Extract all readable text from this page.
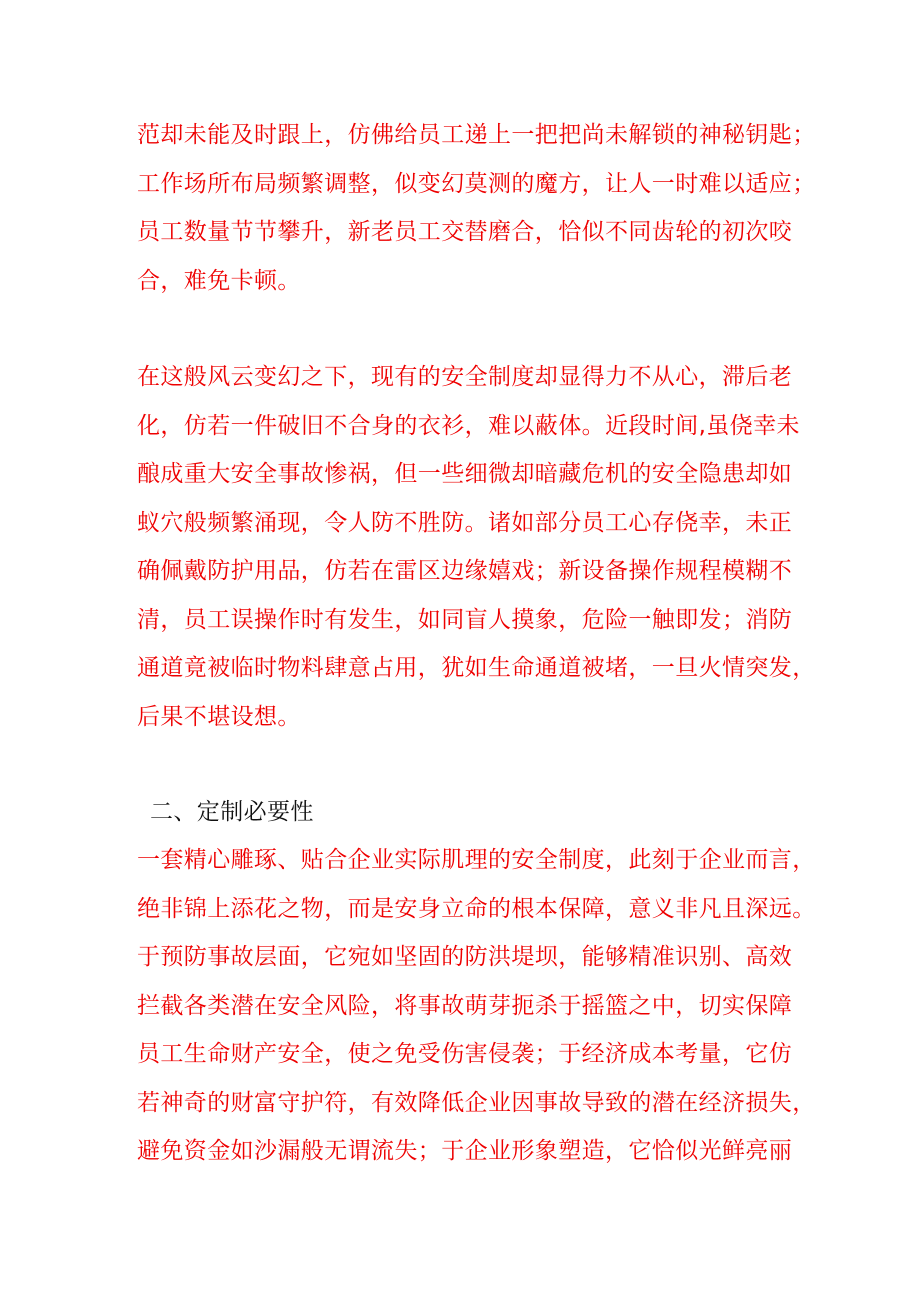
范却未能及时跟上，仿佛给员工递上一把把尚未解锁的神秘钥匙；
工作场所布局频繁调整，似变幻莫测的魔方，让人一时难以适应；
员工数量节节攀升，新老员工交替磨合，恰似不同齿轮的初次咬
合，难免卡顿。
在这般风云变幻之下，现有的安全制度却显得力不从心，滞后老
化，仿若一件破旧不合身的衣衫，难以蔽体。近段时间,虽侥幸未
酿成重大安全事故惨祸，但一些细微却暗藏危机的安全隐患却如
蚁穴般频繁涌现，令人防不胜防。诸如部分员工心存侥幸，未正
确佩戴防护用品，仿若在雷区边缘嬉戏；新设备操作规程模糊不
清，员工误操作时有发生，如同盲人摸象，危险一触即发；消防
通道竟被临时物料肆意占用，犹如生命通道被堵，一旦火情突发，
后果不堪设想。
二、定制必要性
一套精心雕琢、贴合企业实际肌理的安全制度，此刻于企业而言，
绝非锦上添花之物，而是安身立命的根本保障，意义非凡且深远。
于预防事故层面，它宛如坚固的防洪堤坝，能够精准识别、高效
拦截各类潜在安全风险，将事故萌芽扼杀于摇篮之中，切实保障
员工生命财产安全，使之免受伤害侵袭；于经济成本考量，它仿
若神奇的财富守护符，有效降低企业因事故导致的潜在经济损失，
避免资金如沙漏般无谓流失；于企业形象塑造，它恰似光鲜亮丽
